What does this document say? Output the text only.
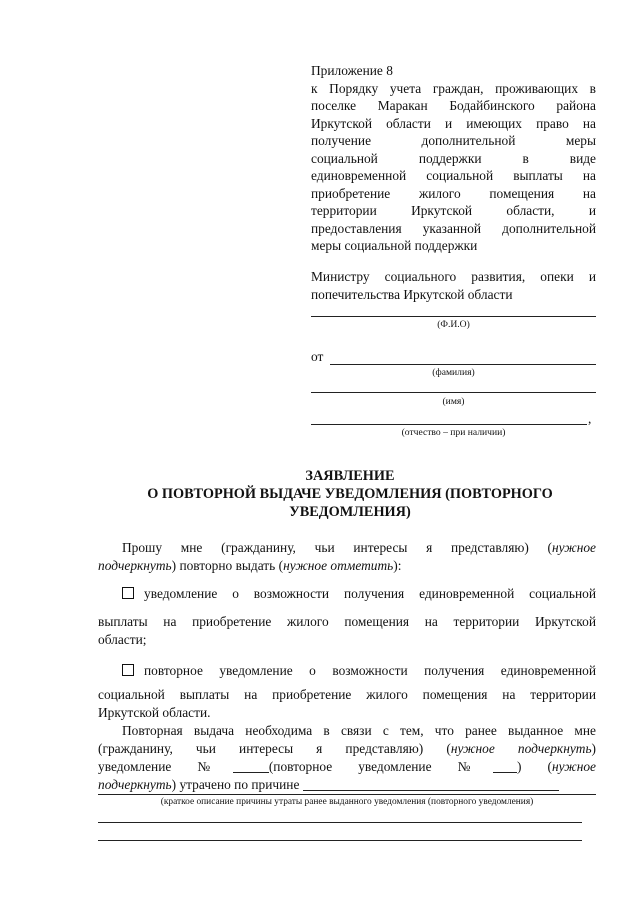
Приложение 8
к Порядку учета граждан, проживающих в
поселке Маракан Бодайбинского района
Иркутской области и имеющих право на
получение дополнительной меры
социальной поддержки в виде
единовременной социальной выплаты на
приобретение жилого помещения на
территории Иркутской области, и
предоставления указанной дополнительной
меры социальной поддержки
Министру социального развития, опеки и
попечительства Иркутской области
(Ф.И.О)
от
(фамилия)
(имя)
,
(отчество – при наличии)
ЗАЯВЛЕНИЕ
О ПОВТОРНОЙ ВЫДАЧЕ УВЕДОМЛЕНИЯ (ПОВТОРНОГО
УВЕДОМЛЕНИЯ)
Прошу мне (гражданину, чьи интересы я представляю) (нужное
подчеркнуть) повторно выдать (нужное отметить):
уведомление о возможности получения единовременной социальной
выплаты на приобретение жилого помещения на территории Иркутской
области;
повторное уведомление о возможности получения единовременной
социальной выплаты на приобретение жилого помещения на территории
Иркутской области.
Повторная выдача необходима в связи с тем, что ранее выданное мне
(гражданину, чьи интересы я представляю) (нужное подчеркнуть)
уведомление №	(повторное уведомление № ) (нужное
подчеркнуть) утрачено по причине
(краткое описание причины утраты ранее выданного уведомления (повторного уведомления)
